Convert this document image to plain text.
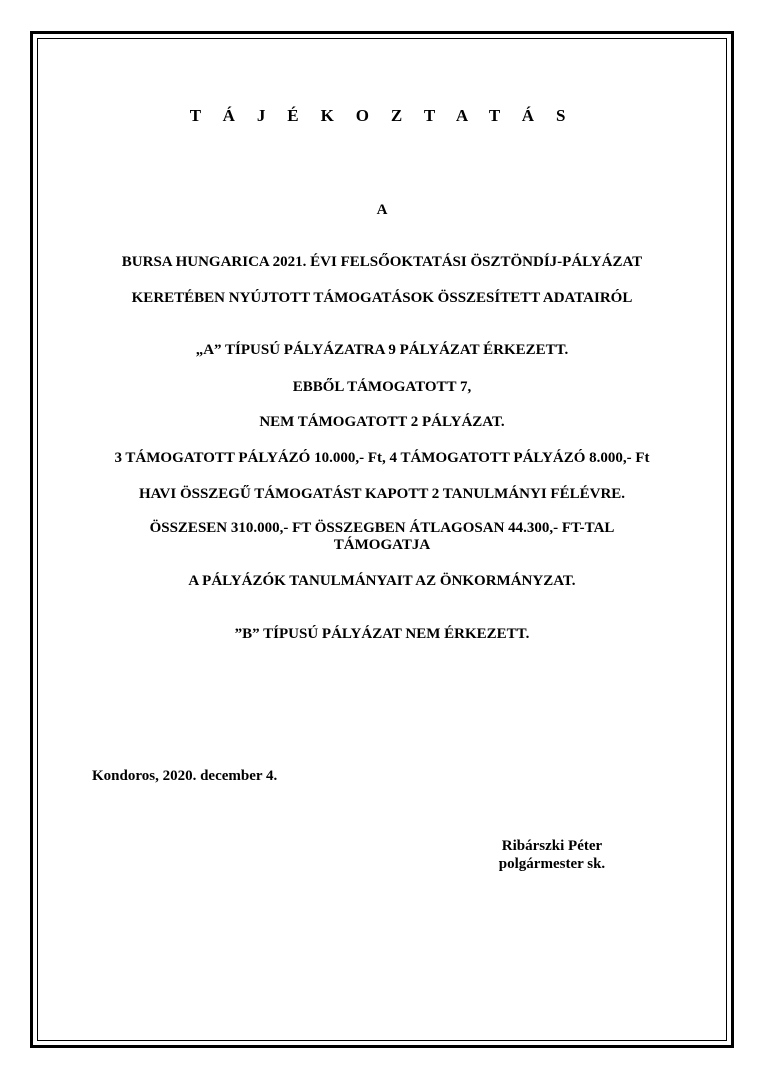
T Á J É K O Z T A T Á S
A
BURSA HUNGARICA 2021. ÉVI FELSŐOKTATÁSI ÖSZTÖNDÍJ-PÁLYÁZAT
KERETÉBEN NYÚJTOTT TÁMOGATÁSOK ÖSSZESÍTETT ADATAIRÓL
„A” TÍPUSÚ PÁLYÁZATRA 9 PÁLYÁZAT ÉRKEZETT.
EBBŐL TÁMOGATOTT 7,
NEM TÁMOGATOTT 2 PÁLYÁZAT.
3 TÁMOGATOTT PÁLYÁZÓ 10.000,- Ft, 4 TÁMOGATOTT PÁLYÁZÓ 8.000,- Ft
HAVI ÖSSZEGŰ TÁMOGATÁST KAPOTT 2 TANULMÁNYI FÉLÉVRE.
ÖSSZESEN 310.000,- FT ÖSSZEGBEN ÁTLAGOSAN 44.300,- FT-TAL
TÁMOGATJA
A PÁLYÁZÓK TANULMÁNYAIT AZ ÖNKORMÁNYZAT.
”B” TÍPUSÚ PÁLYÁZAT NEM ÉRKEZETT.
Kondoros, 2020. december 4.
Ribárszki Péter
polgármester sk.
